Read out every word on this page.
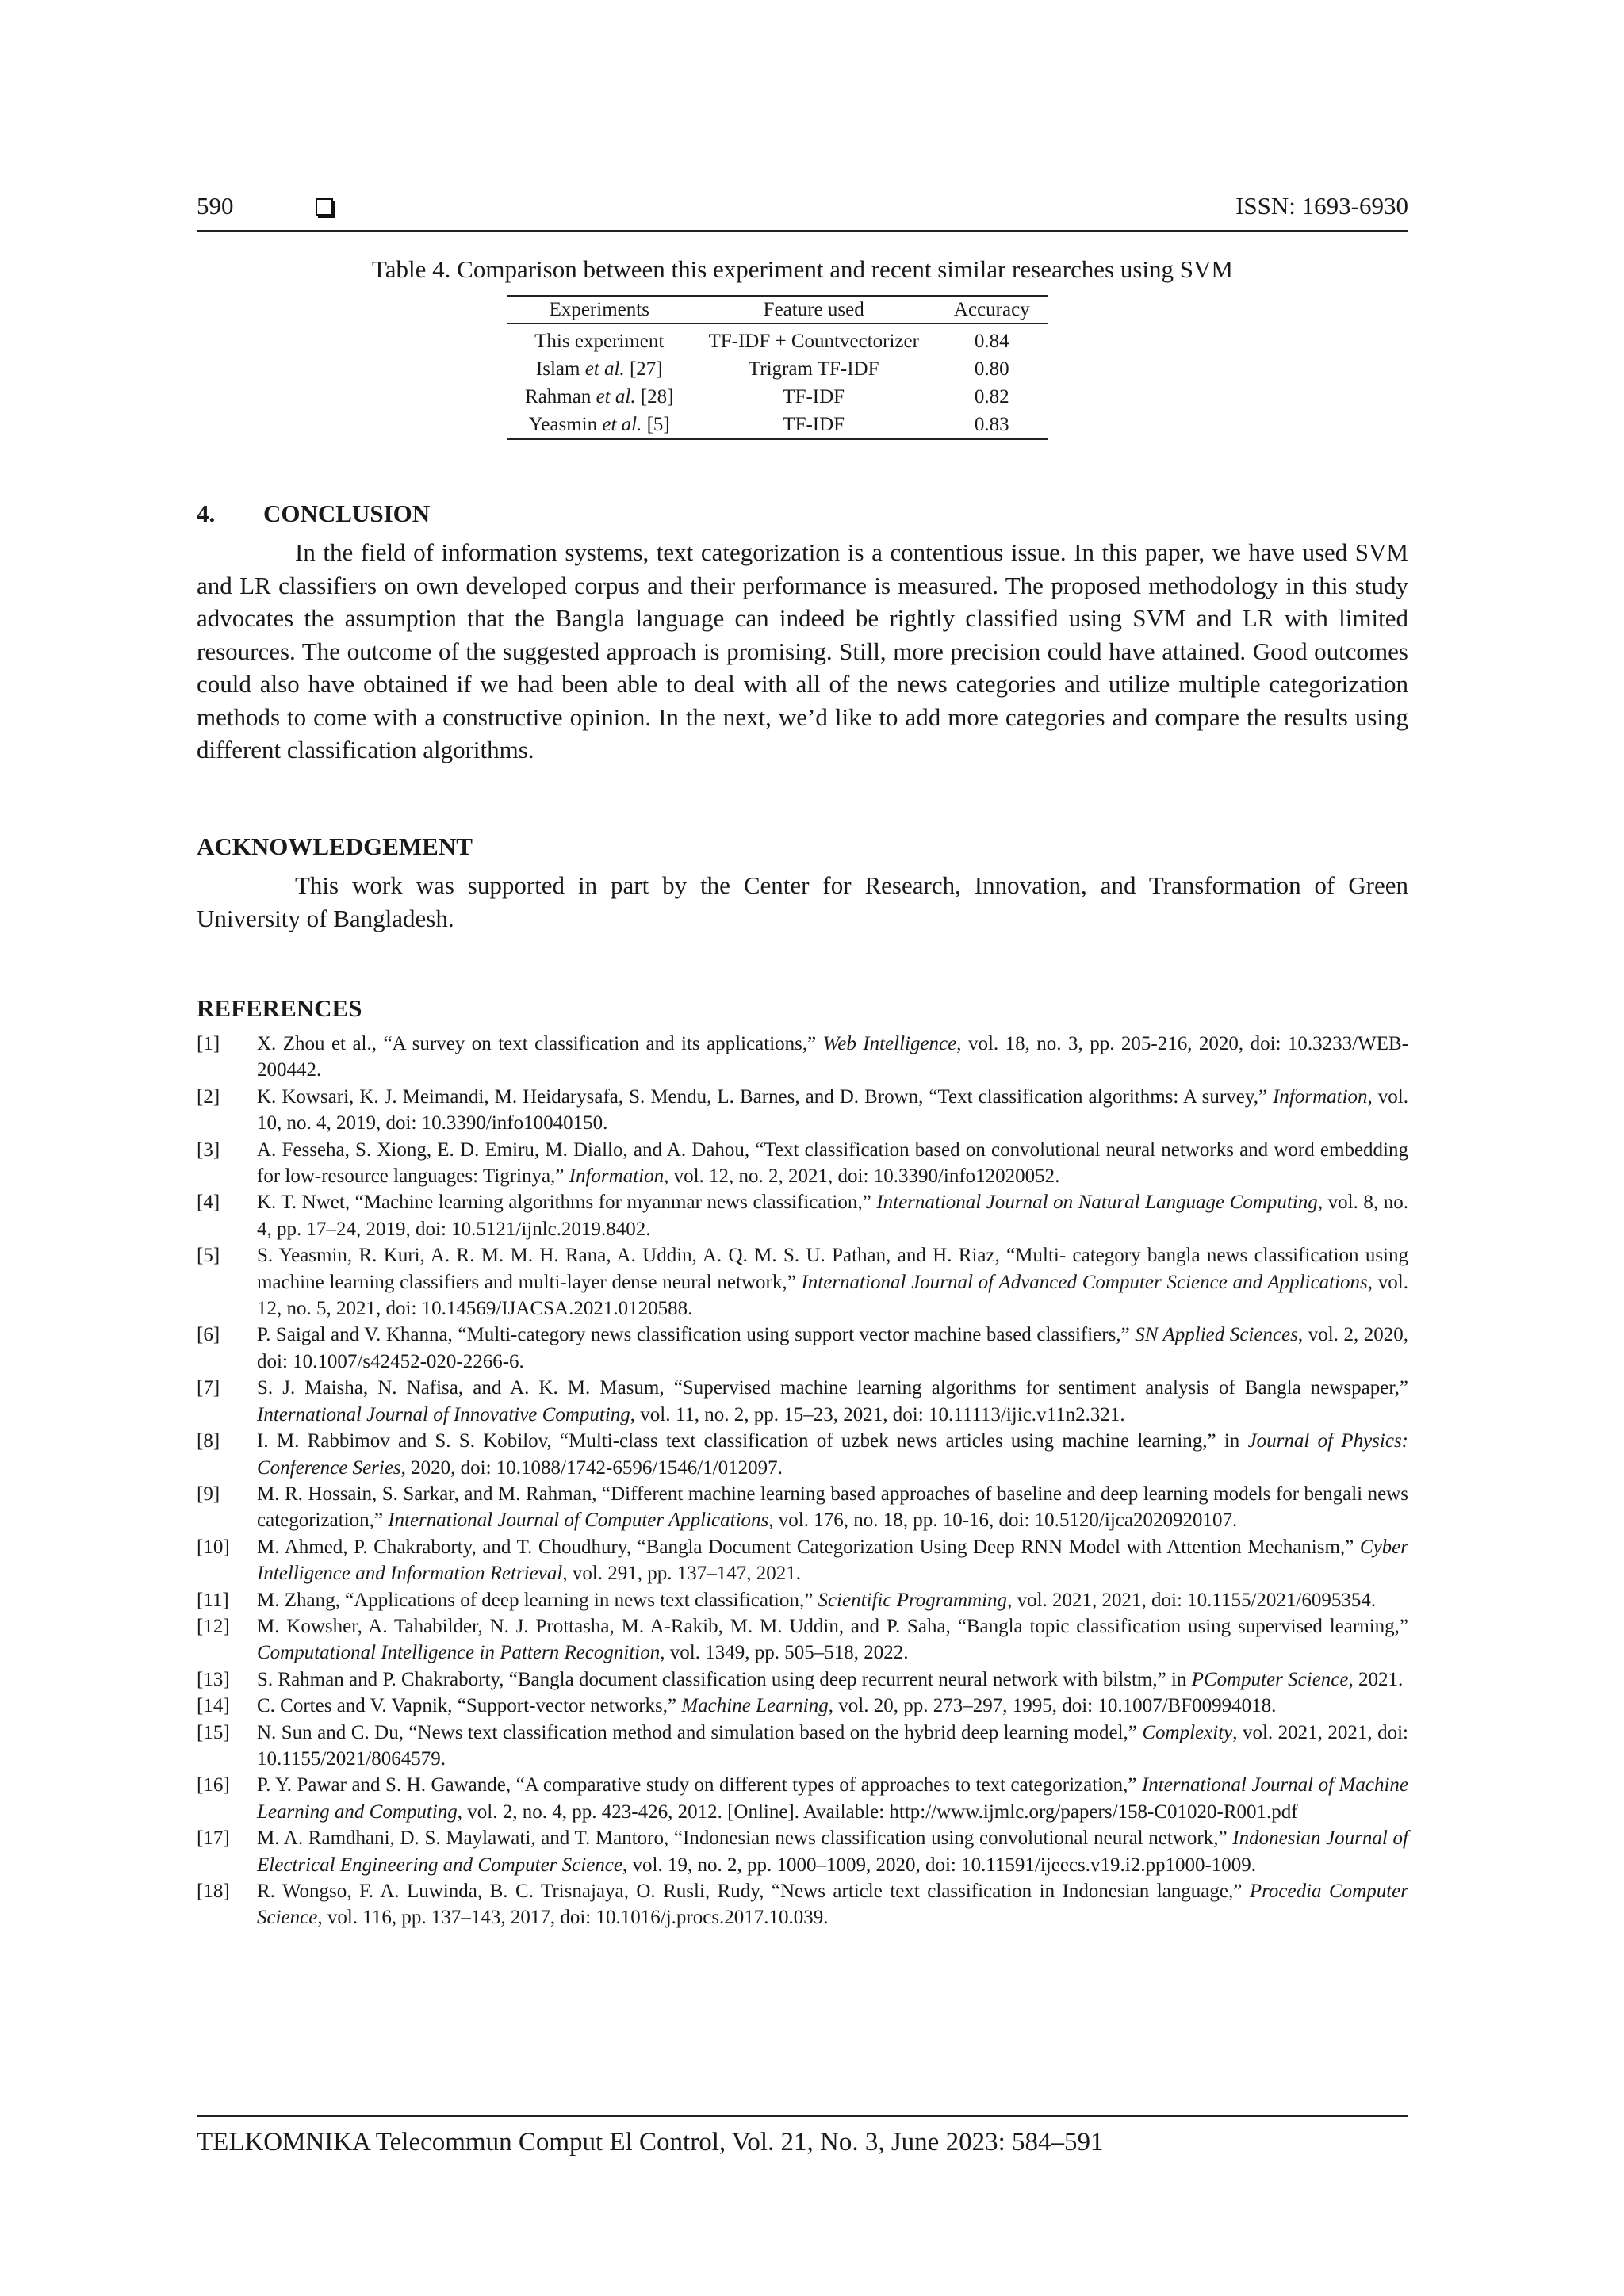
590	ISSN: 1693-6930
Table 4. Comparison between this experiment and recent similar researches using SVM
Experiments	Feature used	Accuracy
This experiment	TF-IDF + Countvectorizer	0.84
Islam et al. [27]	Trigram TF-IDF	0.80
Rahman et al. [28]	TF-IDF	0.82
Yeasmin et al. [5]	TF-IDF	0.83
4. CONCLUSION

In the field of information systems, text categorization is a contentious issue. In this paper, we have used SVM and LR classifiers on own developed corpus and their performance is measured. The proposed methodology in this study advocates the assumption that the Bangla language can indeed be rightly classified using SVM and LR with limited resources. The outcome of the suggested approach is promising. Still, more precision could have attained. Good outcomes could also have obtained if we had been able to deal with all of the news categories and utilize multiple categorization methods to come with a constructive opinion. In the next, we’d like to add more categories and compare the results using different classification algorithms.

ACKNOWLEDGEMENT

This work was supported in part by the Center for Research, Innovation, and Transformation of Green University of Bangladesh.

REFERENCES
[1]	X. Zhou et al., “A survey on text classification and its applications,” Web Intelligence, vol. 18, no. 3, pp. 205-216, 2020, doi: 10.3233/WEB-200442.
[2]	K. Kowsari, K. J. Meimandi, M. Heidarysafa, S. Mendu, L. Barnes, and D. Brown, “Text classification algorithms: A survey,” Information, vol. 10, no. 4, 2019, doi: 10.3390/info10040150.
[3]	A. Fesseha, S. Xiong, E. D. Emiru, M. Diallo, and A. Dahou, “Text classification based on convolutional neural networks and word embedding for low-resource languages: Tigrinya,” Information, vol. 12, no. 2, 2021, doi: 10.3390/info12020052.
[4]	K. T. Nwet, “Machine learning algorithms for myanmar news classification,” International Journal on Natural Language Computing, vol. 8, no. 4, pp. 17–24, 2019, doi: 10.5121/ijnlc.2019.8402.
[5]	S. Yeasmin, R. Kuri, A. R. M. M. H. Rana, A. Uddin, A. Q. M. S. U. Pathan, and H. Riaz, “Multi- category bangla news classification using machine learning classifiers and multi-layer dense neural network,” International Journal of Advanced Computer Science and Applications, vol. 12, no. 5, 2021, doi: 10.14569/IJACSA.2021.0120588.
[6]	P. Saigal and V. Khanna, “Multi-category news classification using support vector machine based classifiers,” SN Applied Sciences, vol. 2, 2020, doi: 10.1007/s42452-020-2266-6.
[7]	S. J. Maisha, N. Nafisa, and A. K. M. Masum, “Supervised machine learning algorithms for sentiment analysis of Bangla newspaper,” International Journal of Innovative Computing, vol. 11, no. 2, pp. 15–23, 2021, doi: 10.11113/ijic.v11n2.321.
[8]	I. M. Rabbimov and S. S. Kobilov, “Multi-class text classification of uzbek news articles using machine learning,” in Journal of Physics: Conference Series, 2020, doi: 10.1088/1742-6596/1546/1/012097.
[9]	M. R. Hossain, S. Sarkar, and M. Rahman, “Different machine learning based approaches of baseline and deep learning models for bengali news categorization,” International Journal of Computer Applications, vol. 176, no. 18, pp. 10-16, doi: 10.5120/ijca2020920107.
[10]	M. Ahmed, P. Chakraborty, and T. Choudhury, “Bangla Document Categorization Using Deep RNN Model with Attention Mechanism,” Cyber Intelligence and Information Retrieval, vol. 291, pp. 137–147, 2021.
[11]	M. Zhang, “Applications of deep learning in news text classification,” Scientific Programming, vol. 2021, 2021, doi: 10.1155/2021/6095354.
[12]	M. Kowsher, A. Tahabilder, N. J. Prottasha, M. A-Rakib, M. M. Uddin, and P. Saha, “Bangla topic classification using supervised learning,” Computational Intelligence in Pattern Recognition, vol. 1349, pp. 505–518, 2022.
[13]	S. Rahman and P. Chakraborty, “Bangla document classification using deep recurrent neural network with bilstm,” in PComputer Science, 2021.
[14]	C. Cortes and V. Vapnik, “Support-vector networks,” Machine Learning, vol. 20, pp. 273–297, 1995, doi: 10.1007/BF00994018.
[15]	N. Sun and C. Du, “News text classification method and simulation based on the hybrid deep learning model,” Complexity, vol. 2021, 2021, doi: 10.1155/2021/8064579.
[16]	P. Y. Pawar and S. H. Gawande, “A comparative study on different types of approaches to text categorization,” International Journal of Machine Learning and Computing, vol. 2, no. 4, pp. 423-426, 2012. [Online]. Available: http://www.ijmlc.org/papers/158-C01020-R001.pdf
[17]	M. A. Ramdhani, D. S. Maylawati, and T. Mantoro, “Indonesian news classification using convolutional neural network,” Indonesian Journal of Electrical Engineering and Computer Science, vol. 19, no. 2, pp. 1000–1009, 2020, doi: 10.11591/ijeecs.v19.i2.pp1000-1009.
[18]	R. Wongso, F. A. Luwinda, B. C. Trisnajaya, O. Rusli, Rudy, “News article text classification in Indonesian language,” Procedia Computer Science, vol. 116, pp. 137–143, 2017, doi: 10.1016/j.procs.2017.10.039.
TELKOMNIKA Telecommun Comput El Control, Vol. 21, No. 3, June 2023: 584–591
